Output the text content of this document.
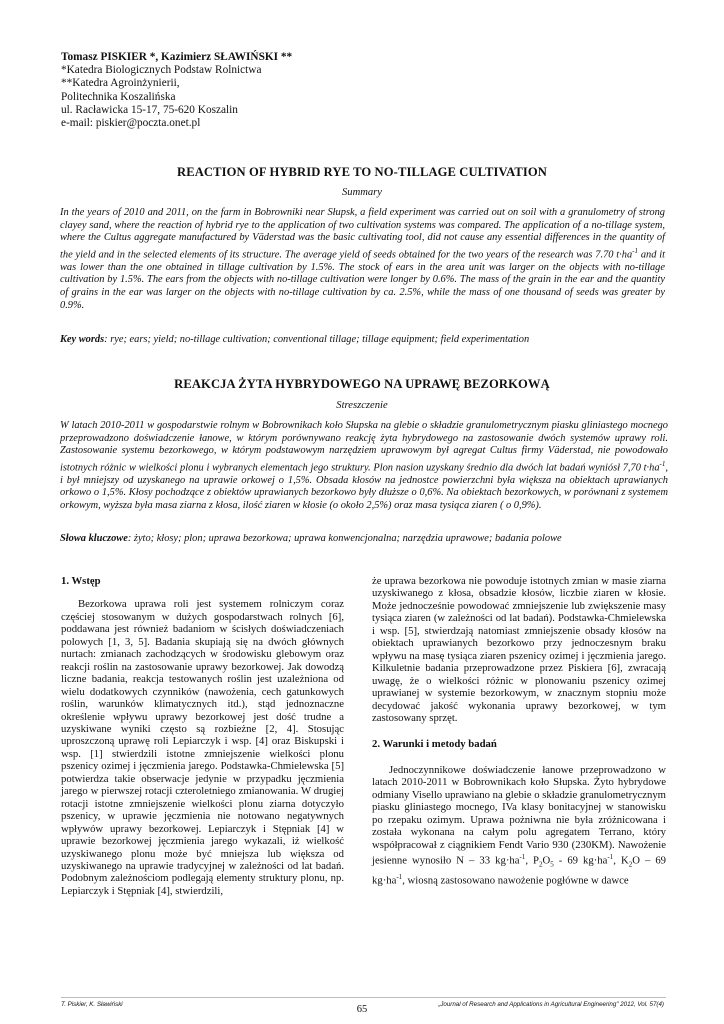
Tomasz PISKIER *, Kazimierz SŁAWIŃSKI **
*Katedra Biologicznych Podstaw Rolnictwa
**Katedra Agroinżynierii,
Politechnika Koszalińska
ul. Racławicka 15-17, 75-620 Koszalin
e-mail: piskier@poczta.onet.pl
REACTION OF HYBRID RYE TO NO-TILLAGE CULTIVATION
Summary
In the years of 2010 and 2011, on the farm in Bobrowniki near Słupsk, a field experiment was carried out on soil with a granulometry of strong clayey sand, where the reaction of hybrid rye to the application of two cultivation systems was compared. The application of a no-tillage system, where the Cultus aggregate manufactured by Väderstad was the basic cultivating tool, did not cause any essential differences in the quantity of the yield and in the selected elements of its structure. The average yield of seeds obtained for the two years of the research was 7.70 $t\cdot ha^{-1}$ and it was lower than the one obtained in tillage cultivation by 1.5%. The stock of ears in the area unit was larger on the objects with no-tillage cultivation by 1.5%. The ears from the objects with no-tillage cultivation were longer by 0.6%. The mass of the grain in the ear and the quantity of grains in the ear was larger on the objects with no-tillage cultivation by ca. 2.5%, while the mass of one thousand of seeds was greater by 0.9%.
Key words: rye; ears; yield; no-tillage cultivation; conventional tillage; tillage equipment; field experimentation
REAKCJA ŻYTA HYBRYDOWEGO NA UPRAWĘ BEZORKOWĄ
Streszczenie
W latach 2010-2011 w gospodarstwie rolnym w Bobrownikach koło Słupska na glebie o składzie granulometrycznym piasku gliniastego mocnego przeprowadzono doświadczenie łanowe, w którym porównywano reakcję żyta hybrydowego na zastosowanie dwóch systemów uprawy roli. Zastosowanie systemu bezorkowego, w którym podstawowym narzędziem uprawowym był agregat Cultus firmy Väderstad, nie powodowało istotnych różnic w wielkości plonu i wybranych elementach jego struktury. Plon nasion uzyskany średnio dla dwóch lat badań wyniósł 7,70 $t\cdot ha^{-1}$, i był mniejszy od uzyskanego na uprawie orkowej o 1,5%. Obsada kłosów na jednostce powierzchni była większa na obiektach uprawianych orkowo o 1,5%. Kłosy pochodzące z obiektów uprawianych bezorkowo były dłuższe o 0,6%. Na obiektach bezorkowych, w porównani z systemem orkowym, wyższa była masa ziarna z kłosa, ilość ziaren w kłosie (o około 2,5%) oraz masa tysiąca ziaren ( o 0,9%).
Słowa kluczowe: żyto; kłosy; plon; uprawa bezorkowa; uprawa konwencjonalna; narzędzia uprawowe; badania polowe
1. Wstęp

Bezorkowa uprawa roli jest systemem rolniczym coraz częściej stosowanym w dużych gospodarstwach rolnych [6], poddawana jest również badaniom w ścisłych doświadczeniach polowych [1, 3, 5]. Badania skupiają się na dwóch głównych nurtach: zmianach zachodzących w środowisku glebowym oraz reakcji roślin na zastosowanie uprawy bezorkowej. Jak dowodzą liczne badania, reakcja testowanych roślin jest uzależniona od wielu dodatkowych czynników (nawożenia, cech gatunkowych roślin, warunków klimatycznych itd.), stąd jednoznaczne określenie wpływu uprawy bezorkowej jest dość trudne a uzyskiwane wyniki często są rozbieżne [2, 4]. Stosując uproszczoną uprawę roli Lepiarczyk i wsp. [4] oraz Biskupski i wsp. [1] stwierdzili istotne zmniejszenie wielkości plonu pszenicy ozimej i jęczmienia jarego. Podstawka-Chmielewska [5] potwierdza takie obserwacje jedynie w przypadku jęczmienia jarego w pierwszej rotacji czteroletniego zmianowania. W drugiej rotacji istotne zmniejszenie wielkości plonu ziarna dotyczyło pszenicy, w uprawie jęczmienia nie notowano negatywnych wpływów uprawy bezorkowej. Lepiarczyk i Stępniak [4] w uprawie bezorkowej jęczmienia jarego wykazali, iż wielkość uzyskiwanego plonu może być mniejsza lub większa od uzyskiwanego na uprawie tradycyjnej w zależności od lat badań. Podobnym zależnościom podlegają elementy struktury plonu, np. Lepiarczyk i Stępniak [4], stwierdzili,

że uprawa bezorkowa nie powoduje istotnych zmian w masie ziarna uzyskiwanego z kłosa, obsadzie kłosów, liczbie ziaren w kłosie. Może jednocześnie powodować zmniejszenie lub zwiększenie masy tysiąca ziaren (w zależności od lat badań). Podstawka-Chmielewska i wsp. [5], stwierdzają natomiast zmniejszenie obsady kłosów na obiektach uprawianych bezorkowo przy jednoczesnym braku wpływu na masę tysiąca ziaren pszenicy ozimej i jęczmienia jarego. Kilkuletnie badania przeprowadzone przez Piskiera [6], zwracają uwagę, że o wielkości różnic w plonowaniu pszenicy ozimej uprawianej w systemie bezorkowym, w znacznym stopniu może decydować jakość wykonania uprawy bezorkowej, w tym zastosowany sprzęt.

2. Warunki i metody badań

Jednoczynnikowe doświadczenie łanowe przeprowadzono w latach 2010-2011 w Bobrownikach koło Słupska. Żyto hybrydowe odmiany Visello uprawiano na glebie o składzie granulometrycznym piasku gliniastego mocnego, IVa klasy bonitacyjnej w stanowisku po rzepaku ozimym. Uprawa pożniwna nie była zróżnicowana i została wykonana na całym polu agregatem Terrano, który współpracował z ciągnikiem Fendt Vario 930 (230KM). Nawożenie jesienne wynosiło N – 33 $kg\cdot ha^{-1}$, $P_2O_5 - 69$ $kg\cdot ha^{-1}$, $K_2O - 69$ $kg\cdot ha^{-1}$, wiosną zastosowano nawożenie pogłówne w dawce

T. Piskier, K. Sławiński	65	„Journal of Research and Applications in Agricultural Engineering" 2012, Vol. 57(4)
